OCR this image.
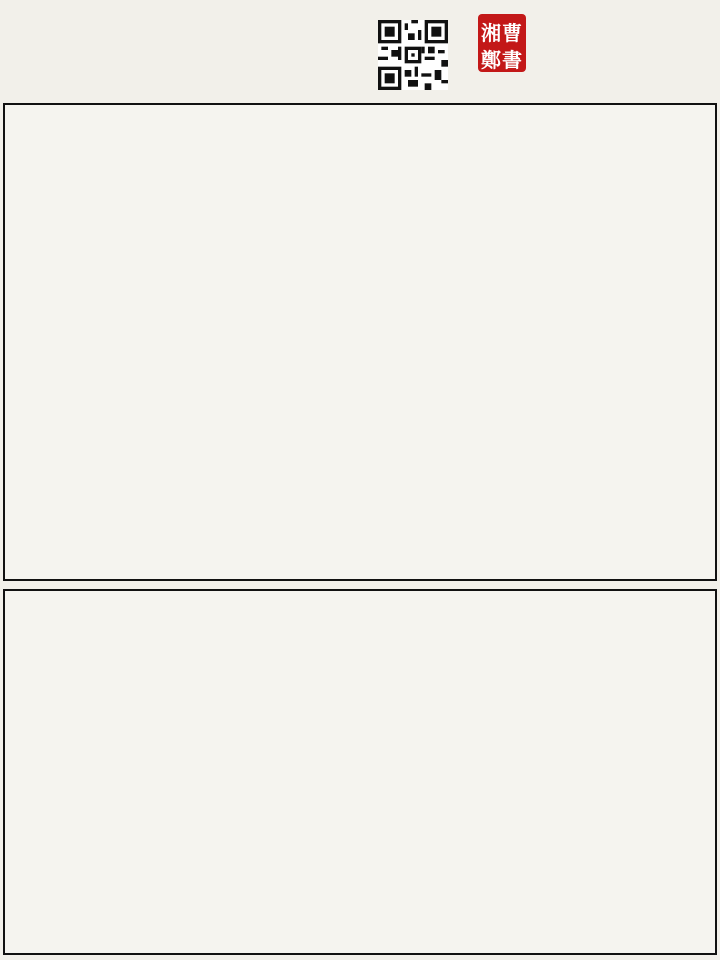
湘 曹
鄭 書
